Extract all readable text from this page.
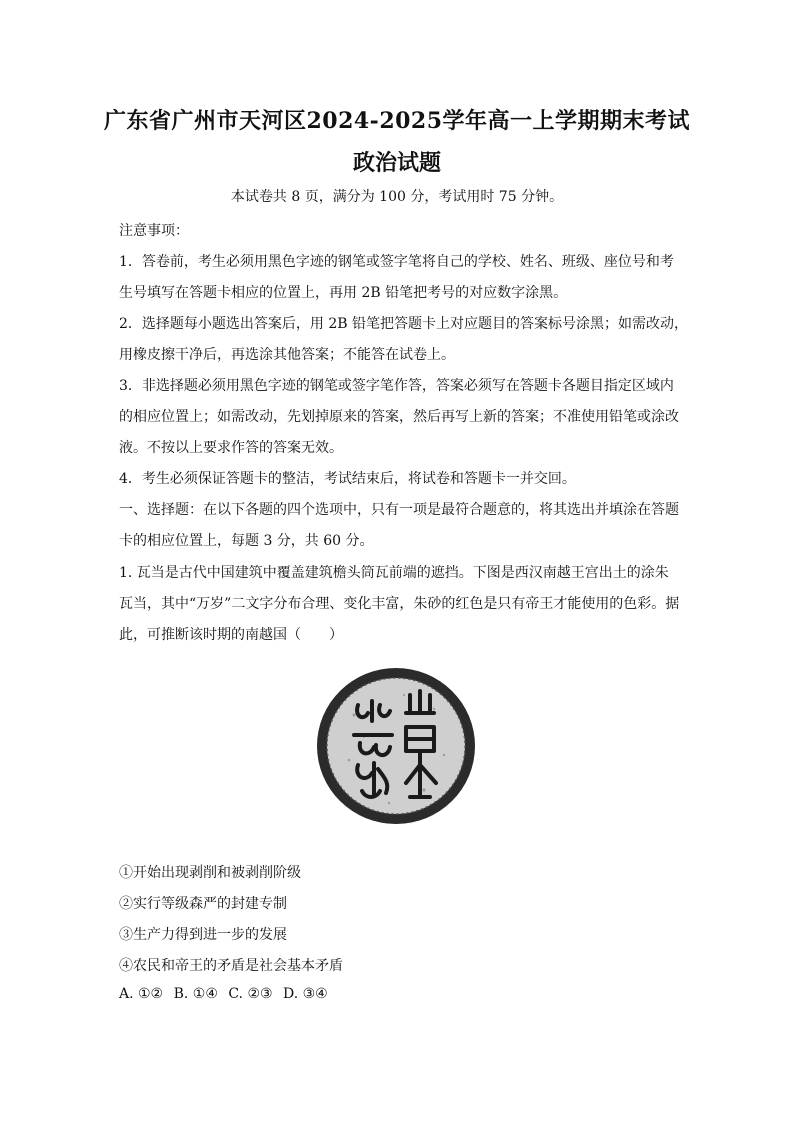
广东省广州市天河区2024-2025学年高一上学期期末考试
政治试题
本试卷共 8 页，满分为 100 分，考试用时 75 分钟。
注意事项：
1．答卷前，考生必须用黑色字迹的钢笔或签字笔将自己的学校、姓名、班级、座位号和考
生号填写在答题卡相应的位置上，再用 2B 铅笔把考号的对应数字涂黑。
2．选择题每小题选出答案后，用 2B 铅笔把答题卡上对应题目的答案标号涂黑；如需改动，
用橡皮擦干净后，再选涂其他答案；不能答在试卷上。
3．非选择题必须用黑色字迹的钢笔或签字笔作答，答案必须写在答题卡各题目指定区域内
的相应位置上；如需改动，先划掉原来的答案，然后再写上新的答案；不准使用铅笔或涂改
液。不按以上要求作答的答案无效。
4．考生必须保证答题卡的整洁，考试结束后，将试卷和答题卡一并交回。
一、选择题：在以下各题的四个选项中，只有一项是最符合题意的，将其选出并填涂在答题
卡的相应位置上，每题 3 分，共 60 分。
1. 瓦当是古代中国建筑中覆盖建筑檐头筒瓦前端的遮挡。下图是西汉南越王宫出土的涂朱
瓦当，其中“万岁”二文字分布合理、变化丰富，朱砂的红色是只有帝王才能使用的色彩。据
此，可推断该时期的南越国（　　）
①开始出现剥削和被剥削阶级
②实行等级森严的封建专制
③生产力得到进一步的发展
④农民和帝王的矛盾是社会基本矛盾
A. ①② B. ①④ C. ②③ D. ③④
